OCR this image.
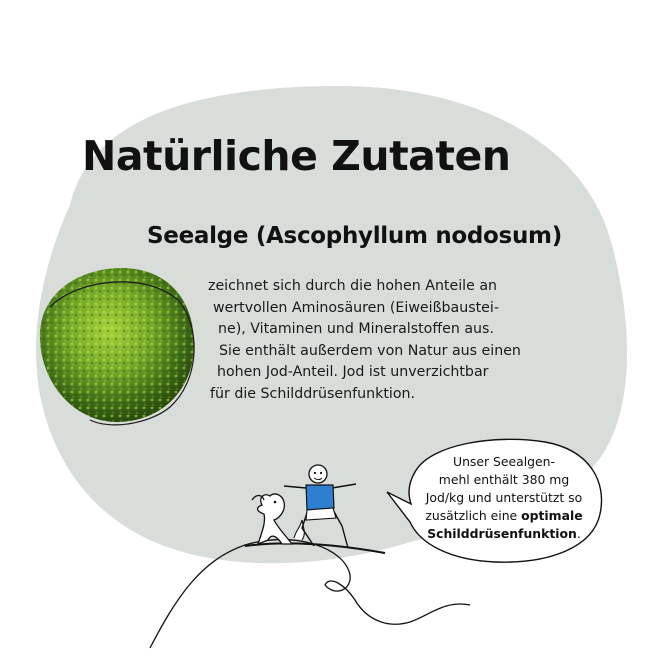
Natürliche Zutaten
Seealge (Ascophyllum nodosum)
zeichnet sich durch die hohen Anteile an
wertvollen Aminosäuren (Eiweißbaustei-
ne), Vitaminen und Mineralstoffen aus.
Sie enthält außerdem von Natur aus einen
hohen Jod-Anteil. Jod ist unverzichtbar
für die Schilddrüsenfunktion.
Unser Seealgen-
mehl enthält 380 mg
Jod/kg und unterstützt so
zusätzlich eine optimale
Schilddrüsenfunktion.
